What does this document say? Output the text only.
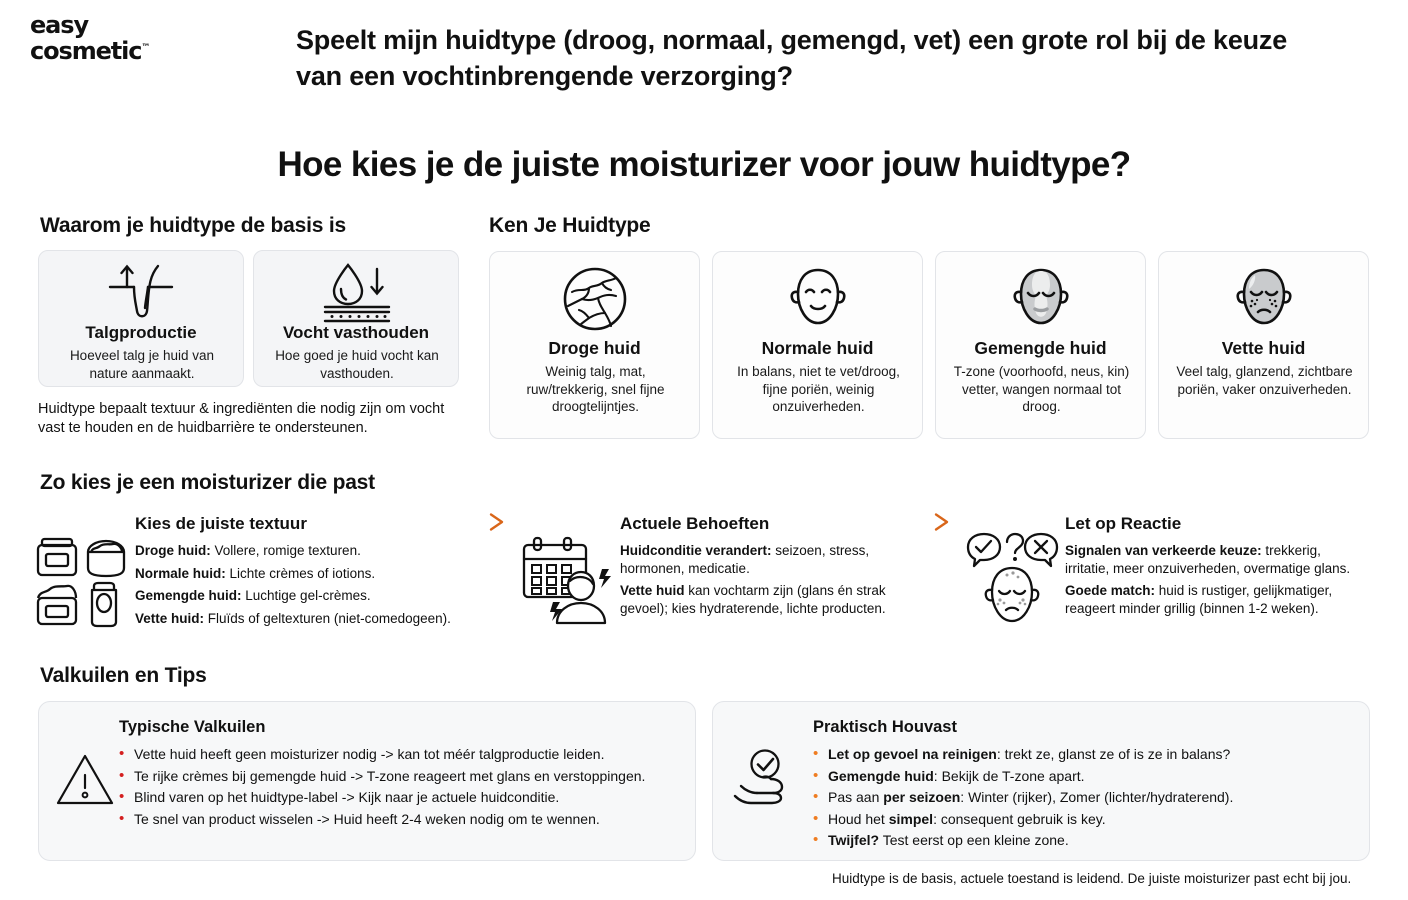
easy
cosmetic™	Speelt mijn huidtype (droog, normaal, gemengd, vet) een grote rol bij de keuze van een vochtinbrengende verzorging?
Hoe kies je de juiste moisturizer voor jouw huidtype?
Waarom je huidtype de basis is
Talgproductie
Hoeveel talg je huid van nature aanmaakt.
Vocht vasthouden
Hoe goed je huid vocht kan vasthouden.
Huidtype bepaalt textuur & ingrediënten die nodig zijn om vocht vast te houden en de huidbarrière te ondersteunen.
Ken Je Huidtype
Droge huid
Weinig talg, mat, ruw/trekkerig, snel fijne droogtelijntjes.
Normale huid
In balans, niet te vet/droog, fijne poriën, weinig onzuiverheden.
Gemengde huid
T-zone (voorhoofd, neus, kin) vetter, wangen normaal tot droog.
Vette huid
Veel talg, glanzend, zichtbare poriën, vaker onzuiverheden.
Zo kies je een moisturizer die past
Kies de juiste textuur

Droge huid: Vollere, romige texturen.

Normale huid: Lichte crèmes of iotions.

Gemengde huid: Luchtige gel-crèmes.

Vette huid: Fluïds of geltexturen (niet-comedogeen).

Actuele Behoeften

Huidconditie verandert: seizoen, stress, hormonen, medicatie.

Vette huid kan vochtarm zijn (glans én strak gevoel); kies hydraterende, lichte producten.

Let op Reactie

Signalen van verkeerde keuze: trekkerig, irritatie, meer onzuiverheden, overmatige glans.

Goede match: huid is rustiger, gelijkmatiger, reageert minder grillig (binnen 1-2 weken).

Valkuilen en Tips
Typische Valkuilen
• Vette huid heeft geen moisturizer nodig -> kan tot méér talgproductie leiden.
• Te rijke crèmes bij gemengde huid -> T-zone reageert met glans en verstoppingen.
• Blind varen op het huidtype-label -> Kijk naar je actuele huidconditie.
• Te snel van product wisselen -> Huid heeft 2-4 weken nodig om te wennen.
Praktisch Houvast
• Let op gevoel na reinigen: trekt ze, glanst ze of is ze in balans?
• Gemengde huid: Bekijk de T-zone apart.
• Pas aan per seizoen: Winter (rijker), Zomer (lichter/hydraterend).
• Houd het simpel: consequent gebruik is key.
• Twijfel? Test eerst op een kleine zone.
Huidtype is de basis, actuele toestand is leidend. De juiste moisturizer past echt bij jou.
